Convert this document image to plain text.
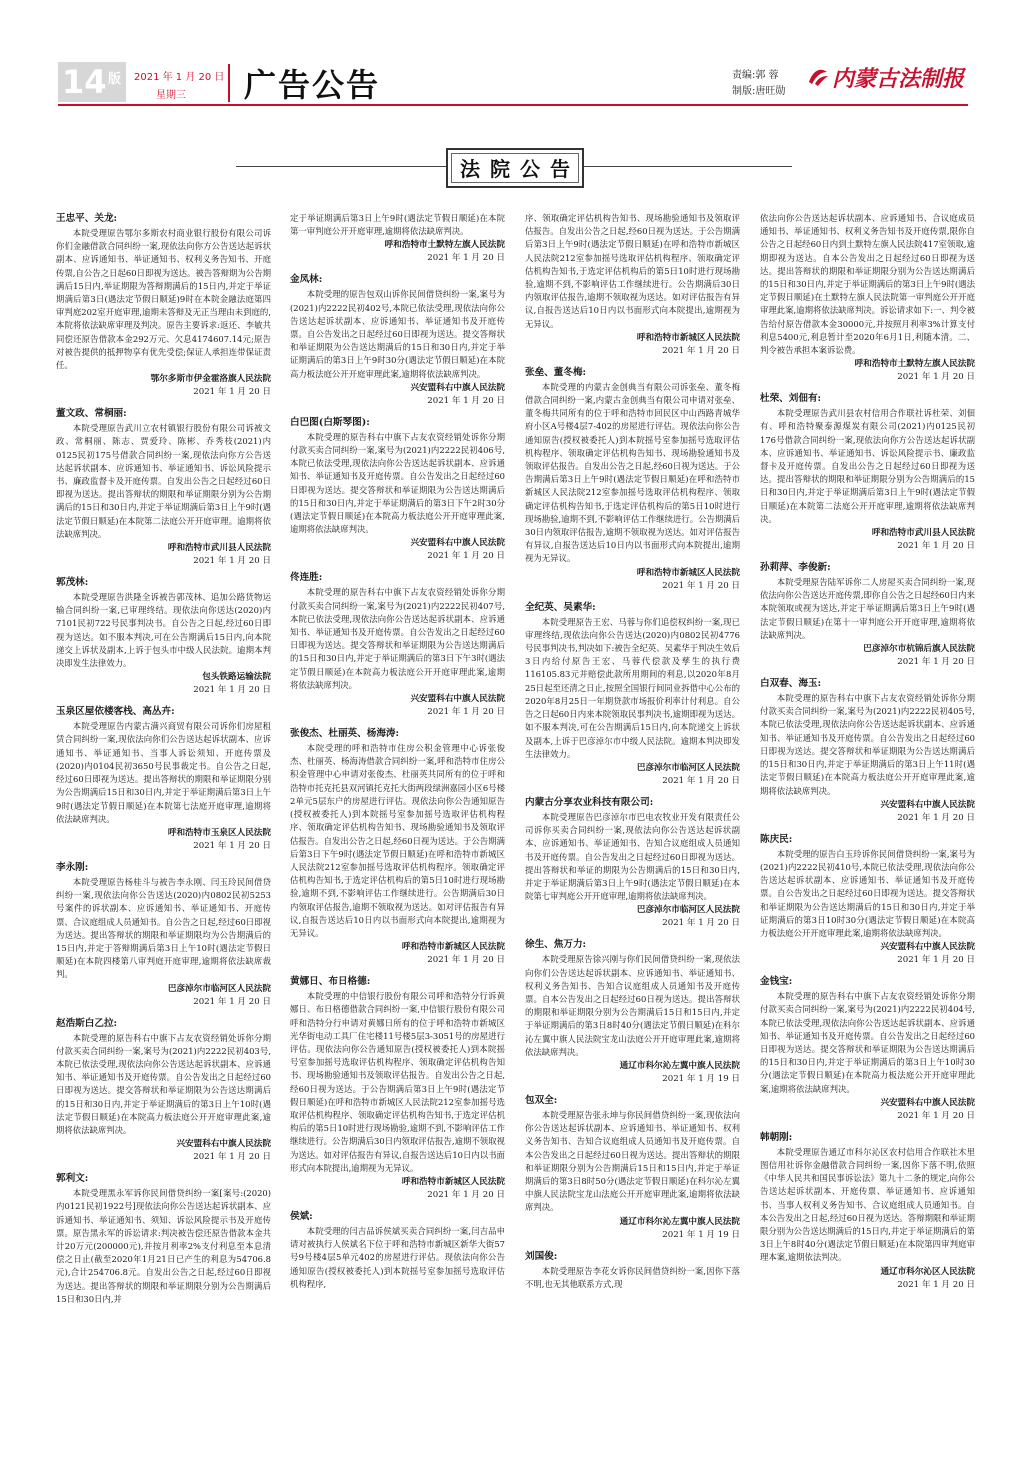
14 版 2021 年 1 月 20 日
星期三 广告公告	责编:郭 蓉
制版:唐旺勋 内蒙古法制报
法院公告

王忠平、关龙:

本院受理原告鄂尔多斯农村商业银行股份有限公司诉你们金融借款合同纠纷一案,现依法向你方公告送达起诉状副本、应诉通知书、举证通知书、权利义务告知书、开庭传票,自公告之日起60日即视为送达。被告答辩期为公告期满后15日内,举证期限为答辩期满后的15日内,并定于举证期满后第3日(遇法定节假日顺延)9时在本院金融法庭第四审判庭202室开庭审理,逾期未答辩及无正当理由未到庭的,本院将依法缺席审理及判决。原告主要诉求:返还、李敏共同偿还原告借款本金292万元、欠息4174607.14元;原告对被告提供的抵押物享有优先受偿;保证人承担连带保证责任。

鄂尔多斯市伊金霍洛旗人民法院

2021 年 1 月 20 日

董文政、常桐丽:

本院受理原告武川立农村镇银行股份有限公司诉被文政、常桐丽、陈志、贾爱玲、陈彬、乔秀枝(2021)内0125民初175号借款合同纠纷一案,现依法向你方公告送达起诉状副本、应诉通知书、举证通知书、诉讼风险提示书、廉政监督卡及开庭传票。自发出公告之日起经过60日即视为送达。提出答辩状的期限和举证期限分别为公告期满后的15日和30日内,并定于举证期满后第3日上午9时(遇法定节假日顺延)在本院第二法庭公开开庭审理。逾期将依法缺席判决。

呼和浩特市武川县人民法院

2021 年 1 月 20 日

郭茂林:

本院受理原告洪隆全诉被告郭茂林、追加公路货物运输合同纠纷一案,已审理终结。现依法向你送达(2020)内7101民初722号民事判决书。自公告之日起,经过60日即视为送达。如不服本判决,可在公告期满后15日内,向本院递交上诉状及副本,上诉于包头市中级人民法院。逾期本判决即发生法律效力。

包头铁路运输法院

2021 年 1 月 20 日

玉泉区屋依楼客栈、高丛卉:

本院受理原告内蒙古满兴商贸有限公司诉你们房屋租赁合同纠纷一案,现依法向你们公告送达起诉状副本、应诉通知书、举证通知书、当事人诉讼须知、开庭传票及(2020)内0104民初3650号民事裁定书。自公告之日起,经过60日即视为送达。提出答辩状的期限和举证期限分别为公告期满后15日和30日内,并定于举证期满后第3日上午9时(遇法定节假日顺延)在本院第七法庭开庭审理,逾期将依法缺席判决。

呼和浩特市玉泉区人民法院

2021 年 1 月 20 日

李永刚:

本院受理原告杨桂斗与被告李永刚、闫玉玲民间借贷纠纷一案,现依法向你公告送达(2020)内0802民初5253号案件的诉状副本、应诉通知书、举证通知书、开庭传票、合议庭组成人员通知书。自公告之日起,经过60日即视为送达。提出答辩状的期限和举证期限均为公告期满后的15日内,并定于答辩期满后第3日上午10时(遇法定节假日顺延)在本院四楼第八审判庭开庭审理,逾期将依法缺席裁判。

巴彦淖尔市临河区人民法院

2021 年 1 月 20 日

赵浩斯白乙拉:

本院受理的原告科右中旗下占友农资经销处诉你分期付款买卖合同纠纷一案,案号为(2021)内2222民初403号,本院已依法受理,现依法向你公告送达起诉状副本、应诉通知书、举证通知书及开庭传票。自公告发出之日起经过60日即视为送达。提交答辩状和举证期限为公告送达期满后的15日和30日内,并定于举证期满后的第3日上午10时(遇法定节假日顺延)在本院高力板法庭公开开庭审理此案,逾期将依法缺席判决。

兴安盟科右中旗人民法院

2021 年 1 月 20 日

郭利文:

本院受理黑永军诉你民间借贷纠纷一案[案号:(2020)内0121民初1922号]现依法向你公告送达起诉状副本、应诉通知书、举证通知书、须知、诉讼风险提示书及开庭传票。原告黑永军的诉讼请求:判决被告偿还原告借款本金共计20万元(200000元),并按月利率2%支付利息至本息清偿之日止(截至2020年1月21日已产生的利息为54706.8元),合计254706.8元。自发出公告之日起,经过60日即视为送达。提出答辩状的期限和举证期限分别为公告期满后15日和30日内,并

定于举证期满后第3日上午9时(遇法定节假日顺延)在本院第一审判庭公开开庭审理,逾期将依法缺席判决。

呼和浩特市土默特左旗人民法院

2021 年 1 月 20 日

金凤林:

本院受理的原告包双山诉你民间借贷纠纷一案,案号为(2021)内2222民初402号,本院已依法受理,现依法向你公告送达起诉状副本、应诉通知书、举证通知书及开庭传票。自公告发出之日起经过60日即视为送达。提交答辩状和举证期限为公告送达期满后的15日和30日内,并定于举证期满后的第3日上午9时30分(遇法定节假日顺延)在本院高力板法庭公开开庭审理此案,逾期将依法缺席判决。

兴安盟科右中旗人民法院

2021 年 1 月 20 日

白巴图(白斯琴图):

本院受理的原告科右中旗下占友农资经销处诉你分期付款买卖合同纠纷一案,案号为(2021)内2222民初406号,本院已依法受理,现依法向你公告送达起诉状副本、应诉通知书、举证通知书及开庭传票。自公告发出之日起经过60日即视为送达。提交答辩状和举证期限为公告送达期满后的15日和30日内,并定于举证期满后的第3日下午2时30分(遇法定节假日顺延)在本院高力板法庭公开开庭审理此案,逾期将依法缺席判决。

兴安盟科右中旗人民法院

2021 年 1 月 20 日

佟连胜:

本院受理的原告科右中旗下占友农资经销处诉你分期付款买卖合同纠纷一案,案号为(2021)内2222民初407号,本院已依法受理,现依法向你公告送达起诉状副本、应诉通知书、举证通知书及开庭传票。自公告发出之日起经过60日即视为送达。提交答辩状和举证期限为公告送达期满后的15日和30日内,并定于举证期满后的第3日下午3时(遇法定节假日顺延)在本院高力板法庭公开开庭审理此案,逾期将依法缺席判决。

兴安盟科右中旗人民法院

2021 年 1 月 20 日

张俊杰、杜丽英、杨海涛:

本院受理的呼和浩特市住房公积金管理中心诉张俊杰、杜丽英、杨海涛借款合同纠纷一案,呼和浩特市住房公积金管理中心申请对张俊杰、杜丽英共同所有的位于呼和浩特市托克托县双河镇托克托大街两段绿洲嘉园小区6号楼2单元5层东户的房屋进行评估。现依法向你公告通知原告(授权被委托人)到本院摇号室参加摇号选取评估机构程序、领取确定评估机构告知书、现场勘验通知书及领取评估报告。自发出公告之日起,经60日视为送达。于公告期满后第3日下午9时(遇法定节假日顺延)在呼和浩特市新城区人民法院212室参加摇号选取评估机构程序。领取确定评估机构告知书,于选定评估机构后的第5日10时进行现场勘验,逾期不到,不影响评估工作继续进行。公告期满后30日内领取评估报告,逾期不领取视为送达。如对评估报告有异议,自报告送达后10日内以书面形式向本院提出,逾期视为无异议。

呼和浩特市新城区人民法院

2021 年 1 月 20 日

黄娜日、布日格德:

本院受理的中信银行股份有限公司呼和浩特分行诉黄娜日、布日格德借款合同纠纷一案,中信银行股份有限公司呼和浩特分行申请对黄娜日所有的位于呼和浩特市新城区光华街电动工具厂住宅楼11号楼5层3-3051号的房屋进行评估。现依法向你公告通知原告(授权被委托人)到本院摇号室参加摇号选取评估机构程序、领取确定评估机构告知书、现场勘验通知书及领取评估报告。自发出公告之日起,经60日视为送达。于公告期满后第3日上午9时(遇法定节假日顺延)在呼和浩特市新城区人民法院212室参加摇号选取评估机构程序、领取确定评估机构告知书,于选定评估机构后的第5日10时进行现场勘验,逾期不到,不影响评估工作继续进行。公告期满后30日内领取评估报告,逾期不领取视为送达。如对评估报告有异议,自报告送达后10日内以书面形式向本院提出,逾期视为无异议。

呼和浩特市新城区人民法院

2021 年 1 月 20 日

侯斌:

本院受理的闫吉品诉侯斌买卖合同纠纷一案,闫吉品申请对被执行人侯斌名下位于呼和浩特市新城区新华大街57号9号楼4层5单元402的房屋进行评估。现依法向你公告通知原告(授权被委托人)到本院摇号室参加摇号选取评估机构程序,

序、领取确定评估机构告知书、现场勘验通知书及领取评估报告。自发出公告之日起,经60日视为送达。于公告期满后第3日上午9时(遇法定节假日顺延)在呼和浩特市新城区人民法院212室参加摇号选取评估机构程序、领取确定评估机构告知书,于选定评估机构后的第5日10时进行现场勘验,逾期不到,不影响评估工作继续进行。公告期满后30日内领取评估报告,逾期不领取视为送达。如对评估报告有异议,自报告送达后10日内以书面形式向本院提出,逾期视为无异议。

呼和浩特市新城区人民法院

2021 年 1 月 20 日

张垒、董冬梅:

本院受理的内蒙古金创典当有限公司诉张垒、董冬梅借款合同纠纷一案,内蒙古金创典当有限公司申请对张垒、董冬梅共同所有的位于呼和浩特市回民区中山西路青城华府小区A号楼4层7-402的房屋进行评估。现依法向你公告通知原告(授权被委托人)到本院摇号室参加摇号选取评估机构程序、领取确定评估机构告知书、现场勘验通知书及领取评估报告。自发出公告之日起,经60日视为送达。于公告期满后第3日上午9时(遇法定节假日顺延)在呼和浩特市新城区人民法院212室参加摇号选取评估机构程序、领取确定评估机构告知书,于选定评估机构后的第5日10时进行现场勘验,逾期不到,不影响评估工作继续进行。公告期满后30日内领取评估报告,逾期不领取视为送达。如对评估报告有异议,自报告送达后10日内以书面形式向本院提出,逾期视为无异议。

呼和浩特市新城区人民法院

2021 年 1 月 20 日

全纪英、吴素华:

本院受理原告王宏、马蓉与你们追偿权纠纷一案,现已审理终结,现依法向你公告送达(2020)内0802民初4776号民事判决书,判决如下:被告全纪英、吴素华于判决生效后3日内给付原告王宏、马蓉代偿款及孳生的执行费116105.83元并赔偿此款所用期间的利息,以2020年8月25日起至还清之日止,按照全国银行间同业拆借中心公布的2020年8月25日一年期贷款市场报价利率计付利息。自公告之日起60日内来本院领取民事判决书,逾期即视为送达。如不服本判决,可在公告期满后15日内,向本院递交上诉状及副本,上诉于巴彦淖尔市中级人民法院。逾期本判决即发生法律效力。

巴彦淖尔市临河区人民法院

2021 年 1 月 20 日

内蒙古分享农业科技有限公司:

本院受理原告巴彦淖尔市巴电农牧业开发有限责任公司诉你买卖合同纠纷一案,现依法向你公告送达起诉状副本、应诉通知书、举证通知书、告知合议庭组成人员通知书及开庭传票。自公告发出之日起经过60日即视为送达。提出答辩状和举证的期限为公告期满后的15日和30日内,并定于举证期满后第3日上午9时(遇法定节假日顺延)在本院第七审判庭公开开庭审理,逾期将依法缺席判决。

巴彦淖尔市临河区人民法院

2021 年 1 月 20 日

徐生、焦万力:

本院受理原告徐兴刚与你们民间借贷纠纷一案,现依法向你们公告送达起诉状副本、应诉通知书、举证通知书、权利义务告知书、告知合议庭组成人员通知书及开庭传票。自本公告发出之日起经过60日视为送达。提出答辩状的期限和举证期限分别为公告期满后15日和15日内,并定于举证期满后的第3日8时40分(遇法定节假日顺延)在科尔沁左翼中旗人民法院宝龙山法庭公开开庭审理此案,逾期将依法缺席判决。

通辽市科尔沁左翼中旗人民法院

2021 年 1 月 19 日

包双全:

本院受理原告张永坤与你民间借贷纠纷一案,现依法向你公告送达起诉状副本、应诉通知书、举证通知书、权利义务告知书、告知合议庭组成人员通知书及开庭传票。自本公告发出之日起经过60日视为送达。提出答辩状的期限和举证期限分别为公告期满后15日和15日内,并定于举证期满后的第3日8时50分(遇法定节假日顺延)在科尔沁左翼中旗人民法院宝龙山法庭公开开庭审理此案,逾期将依法缺席判决。

通辽市科尔沁左翼中旗人民法院

2021 年 1 月 19 日

刘国俊:

本院受理原告李花女诉你民间借贷纠纷一案,因你下落不明,也无其他联系方式,现

依法向你公告送达起诉状副本、应诉通知书、合议庭成员通知书、举证通知书、权利义务告知书及开庭传票,限你自公告之日起经60日内到土默特左旗人民法院417室领取,逾期即视为送达。自本公告发出之日起经过60日即视为送达。提出答辩状的期限和举证期限分别为公告送达期满后的15日和30日内,并定于举证期满后的第3日上午9时(遇法定节假日顺延)在土默特左旗人民法院第一审判庭公开开庭审理此案,逾期将依法缺席判决。诉讼请求如下:一、判令被告给付原告借款本金30000元,并按照月利率3%计算支付利息5400元,利息暂计至2020年6月1日,利随本清。二、判令被告承担本案诉讼费。

呼和浩特市土默特左旗人民法院

2021 年 1 月 20 日

杜荣、刘佃有:

本院受理原告武川县农村信用合作联社诉杜荣、刘佃有、呼和浩特聚泰源煤炭有限公司(2021)内0125民初176号借款合同纠纷一案,现依法向你方公告送达起诉状副本、应诉通知书、举证通知书、诉讼风险提示书、廉政监督卡及开庭传票。自发出公告之日起经过60日即视为送达。提出答辩状的期限和举证期限分别为公告期满后的15日和30日内,并定于举证期满后第3日上午9时(遇法定节假日顺延)在本院第二法庭公开开庭审理,逾期将依法缺席判决。

呼和浩特市武川县人民法院

2021 年 1 月 20 日

孙莉萍、李俊新:

本院受理原告陆军诉你二人房屋买卖合同纠纷一案,现依法向你公告送达开庭传票,即你自公告之日起经60日内来本院领取或视为送达,并定于举证期满后第3日上午9时(遇法定节假日顺延)在第十一审判庭公开开庭审理,逾期将依法缺席判决。

巴彦淖尔市杭锦后旗人民法院

2021 年 1 月 20 日

白双春、海玉:

本院受理的原告科右中旗下占友农资经销处诉你分期付款买卖合同纠纷一案,案号为(2021)内2222民初405号,本院已依法受理,现依法向你公告送达起诉状副本、应诉通知书、举证通知书及开庭传票。自公告发出之日起经过60日即视为送达。提交答辩状和举证期限为公告送达期满后的15日和30日内,并定于举证期满后的第3日上午11时(遇法定节假日顺延)在本院高力板法庭公开开庭审理此案,逾期将依法缺席判决。

兴安盟科右中旗人民法院

2021 年 1 月 20 日

陈庆民:

本院受理的原告白玉玲诉你民间借贷纠纷一案,案号为(2021)内2222民初410号,本院已依法受理,现依法向你公告送达起诉状副本、应诉通知书、举证通知书及开庭传票。自公告发出之日起经过60日即视为送达。提交答辩状和举证期限为公告送达期满后的15日和30日内,并定于举证期满后的第3日10时30分(遇法定节假日顺延)在本院高力板法庭公开开庭审理此案,逾期将依法缺席判决。

兴安盟科右中旗人民法院

2021 年 1 月 20 日

金钱宝:

本院受理的原告科右中旗下占友农资经销处诉你分期付款买卖合同纠纷一案,案号为(2021)内2222民初404号,本院已依法受理,现依法向你公告送达起诉状副本、应诉通知书、举证通知书及开庭传票。自公告发出之日起经过60日即视为送达。提交答辩状和举证期限为公告送达期满后的15日和30日内,并定于举证期满后的第3日上午10时30分(遇法定节假日顺延)在本院高力板法庭公开开庭审理此案,逾期将依法缺席判决。

兴安盟科右中旗人民法院

2021 年 1 月 20 日

韩朝刚:

本院受理原告通辽市科尔沁区农村信用合作联社木里图信用社诉你金融借款合同纠纷一案,因你下落不明,依照《中华人民共和国民事诉讼法》第九十二条的规定,向你公告送达起诉状副本、开庭传票、举证通知书、应诉通知书、当事人权利义务告知书、合议庭组成人员通知书。自本公告发出之日起,经过60日视为送达。答辩期限和举证期限分别为公告送达期满后的15日内,并定于举证期满后的第3日上午8时40分(遇法定节假日顺延)在本院第四审判庭审理本案,逾期依法判决。

通辽市科尔沁区人民法院

2021 年 1 月 20 日
